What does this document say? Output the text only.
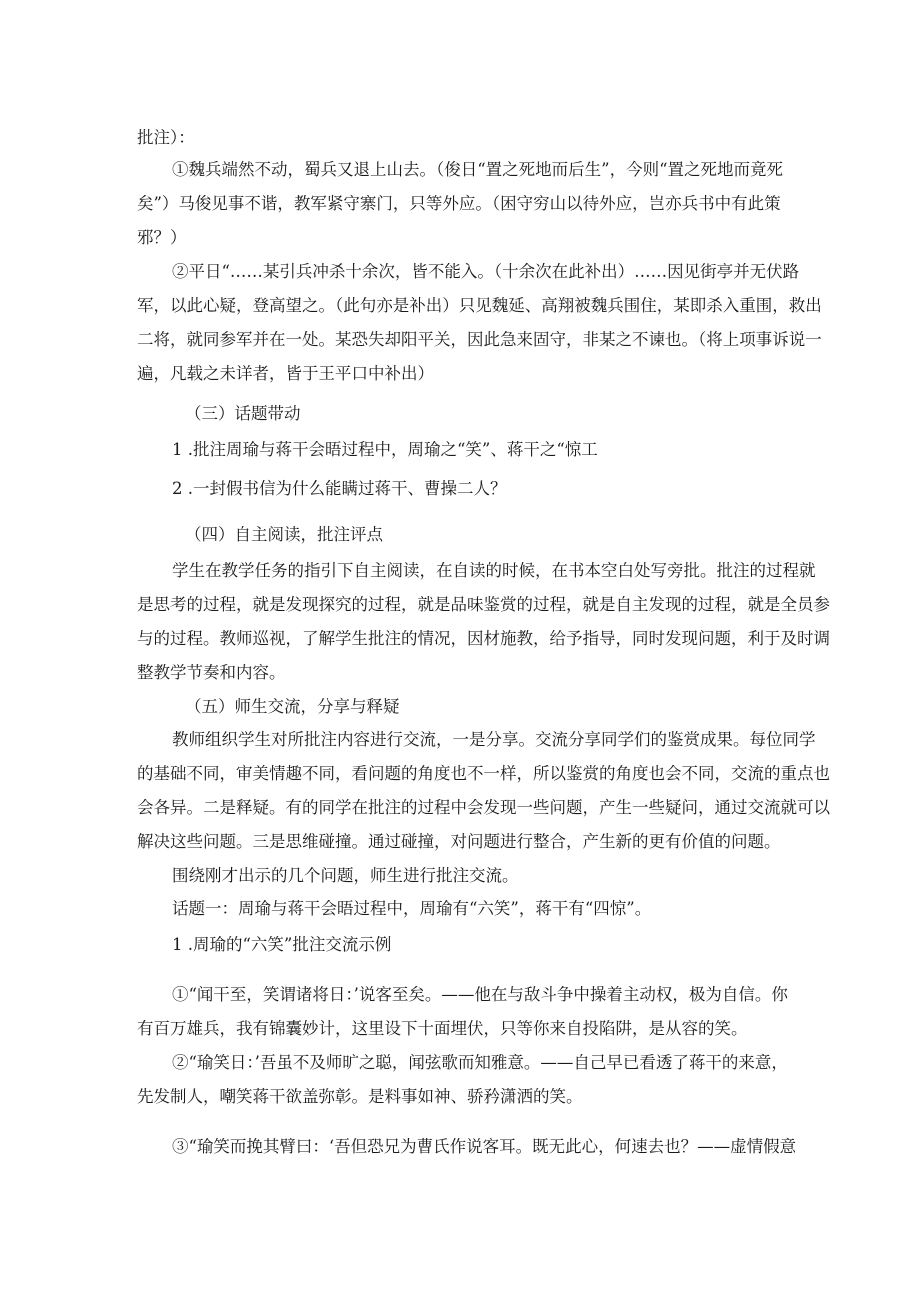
批注）：
①魏兵端然不动，蜀兵又退上山去。（俊日“置之死地而后生”，今则“置之死地而竟死
矣”）马俊见事不谐，教军紧守寨门，只等外应。（困守穷山以待外应，岂亦兵书中有此策
邪？）
②平日“……某引兵冲杀十余次，皆不能入。（十余次在此补出）……因见街亭并无伏路
军，以此心疑，登高望之。（此句亦是补出）只见魏延、高翔被魏兵围住，某即杀入重围，救出
二将，就同参军并在一处。某恐失却阳平关，因此急来固守，非某之不谏也。（将上项事诉说一
遍，凡载之未详者，皆于王平口中补出）
（三）话题带动
1 .批注周瑜与蒋干会晤过程中，周瑜之“笑”、蒋干之“惊工
2 .一封假书信为什么能瞒过蒋干、曹操二人？
（四）自主阅读，批注评点
学生在教学任务的指引下自主阅读，在自读的时候，在书本空白处写旁批。批注的过程就
是思考的过程，就是发现探究的过程，就是品味鉴赏的过程，就是自主发现的过程，就是全员参
与的过程。教师巡视，了解学生批注的情况，因材施教，给予指导，同时发现问题，利于及时调
整教学节奏和内容。
（五）师生交流，分享与释疑
教师组织学生对所批注内容进行交流，一是分享。交流分享同学们的鉴赏成果。每位同学
的基础不同，审美情趣不同，看问题的角度也不一样，所以鉴赏的角度也会不同，交流的重点也
会各异。二是释疑。有的同学在批注的过程中会发现一些问题，产生一些疑问，通过交流就可以
解决这些问题。三是思维碰撞。通过碰撞，对问题进行整合，产生新的更有价值的问题。
围绕刚才出示的几个问题，师生进行批注交流。
话题一：周瑜与蒋干会晤过程中，周瑜有“六笑”，蒋干有“四惊”。
1 .周瑜的“六笑”批注交流示例
①“闻干至，笑谓诸将日：’说客至矣。——他在与敌斗争中操着主动权，极为自信。你
有百万雄兵，我有锦囊妙计，这里设下十面埋伏，只等你来自投陷阱，是从容的笑。
②“瑜笑日：’吾虽不及师旷之聪，闻弦歌而知雅意。——自己早已看透了蒋干的来意，
先发制人，嘲笑蒋干欲盖弥彰。是料事如神、骄矜潇洒的笑。
③“瑜笑而挽其臂曰：‘吾但恐兄为曹氏作说客耳。既无此心，何速去也？——虚情假意
